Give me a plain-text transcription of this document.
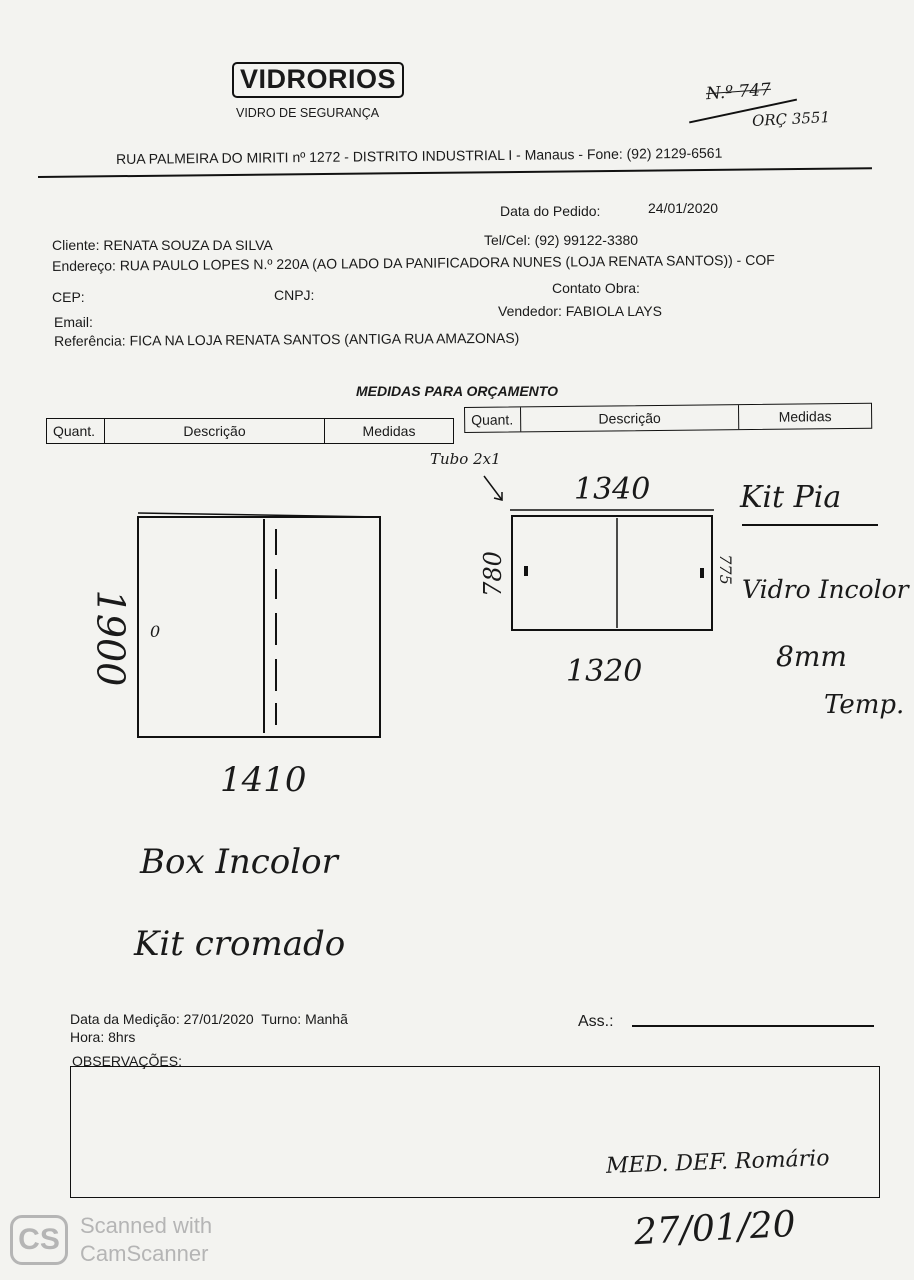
VIDRORIOS
VIDRO DE SEGURANÇA
N.º 747
ORÇ 3551
RUA PALMEIRA DO MIRITI nº 1272 - DISTRITO INDUSTRIAL I - Manaus - Fone: (92) 2129-6561
Data do Pedido:	24/01/2020
Cliente: RENATA SOUZA DA SILVA	Tel/Cel: (92) 99122-3380
Endereço: RUA PAULO LOPES N.º 220A (AO LADO DA PANIFICADORA NUNES (LOJA RENATA SANTOS)) - COF
CEP:	CNPJ:	Contato Obra:
Email:
Vendedor: FABIOLA LAYS
Referência: FICA NA LOJA RENATA SANTOS (ANTIGA RUA AMAZONAS)
MEDIDAS PARA ORÇAMENTO
Quant.	Descrição	Medidas
Quant.	Descrição	Medidas
0
1900
1410
Box Incolor
Kit cromado
Tubo 2x1
1340
780	775
1320
Kit Pia
Vidro Incolor
8mm
Temp.
Data da Medição: 27/01/2020 Turno: Manhã
Hora: 8hrs
Ass.:
OBSERVAÇÕES:
MED. DEF. Romário
27/01/20
CS Scanned with
CamScanner
